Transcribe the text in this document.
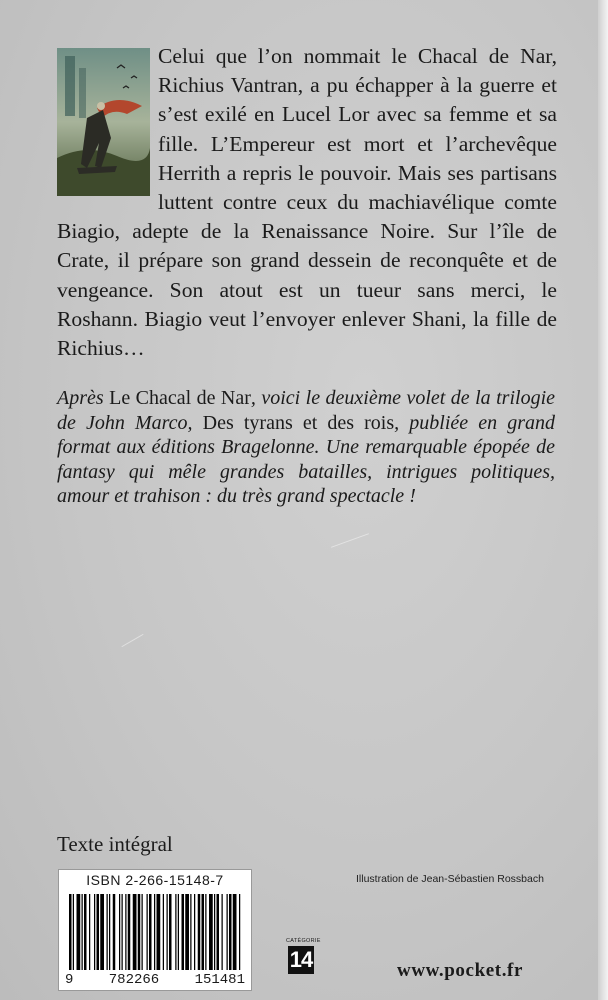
Celui que l’on nommait le Chacal de Nar, Richius Vantran, a pu échapper à la guerre et s’est exilé en Lucel Lor avec sa femme et sa fille. L’Empereur est mort et l’archevêque Herrith a repris le pouvoir. Mais ses partisans luttent contre ceux du machiavélique comte Biagio, adepte de la Renaissance Noire. Sur l’île de Crate, il prépare son grand dessein de reconquête et de vengeance. Son atout est un tueur sans merci, le Roshann. Biagio veut l’envoyer enlever Shani, la fille de Richius…

Après Le Chacal de Nar, voici le deuxième volet de la trilogie de John Marco, Des tyrans et des rois, publiée en grand format aux éditions Bragelonne. Une remarquable épopée de fantasy qui mêle grandes batailles, intrigues politiques, amour et trahison : du très grand spectacle !

Texte intégral

ISBN 2-266-15148-7
9	782266	151481
Illustration de Jean-Sébastien Rossbach
CATÉGORIE
14	www.pocket.fr
